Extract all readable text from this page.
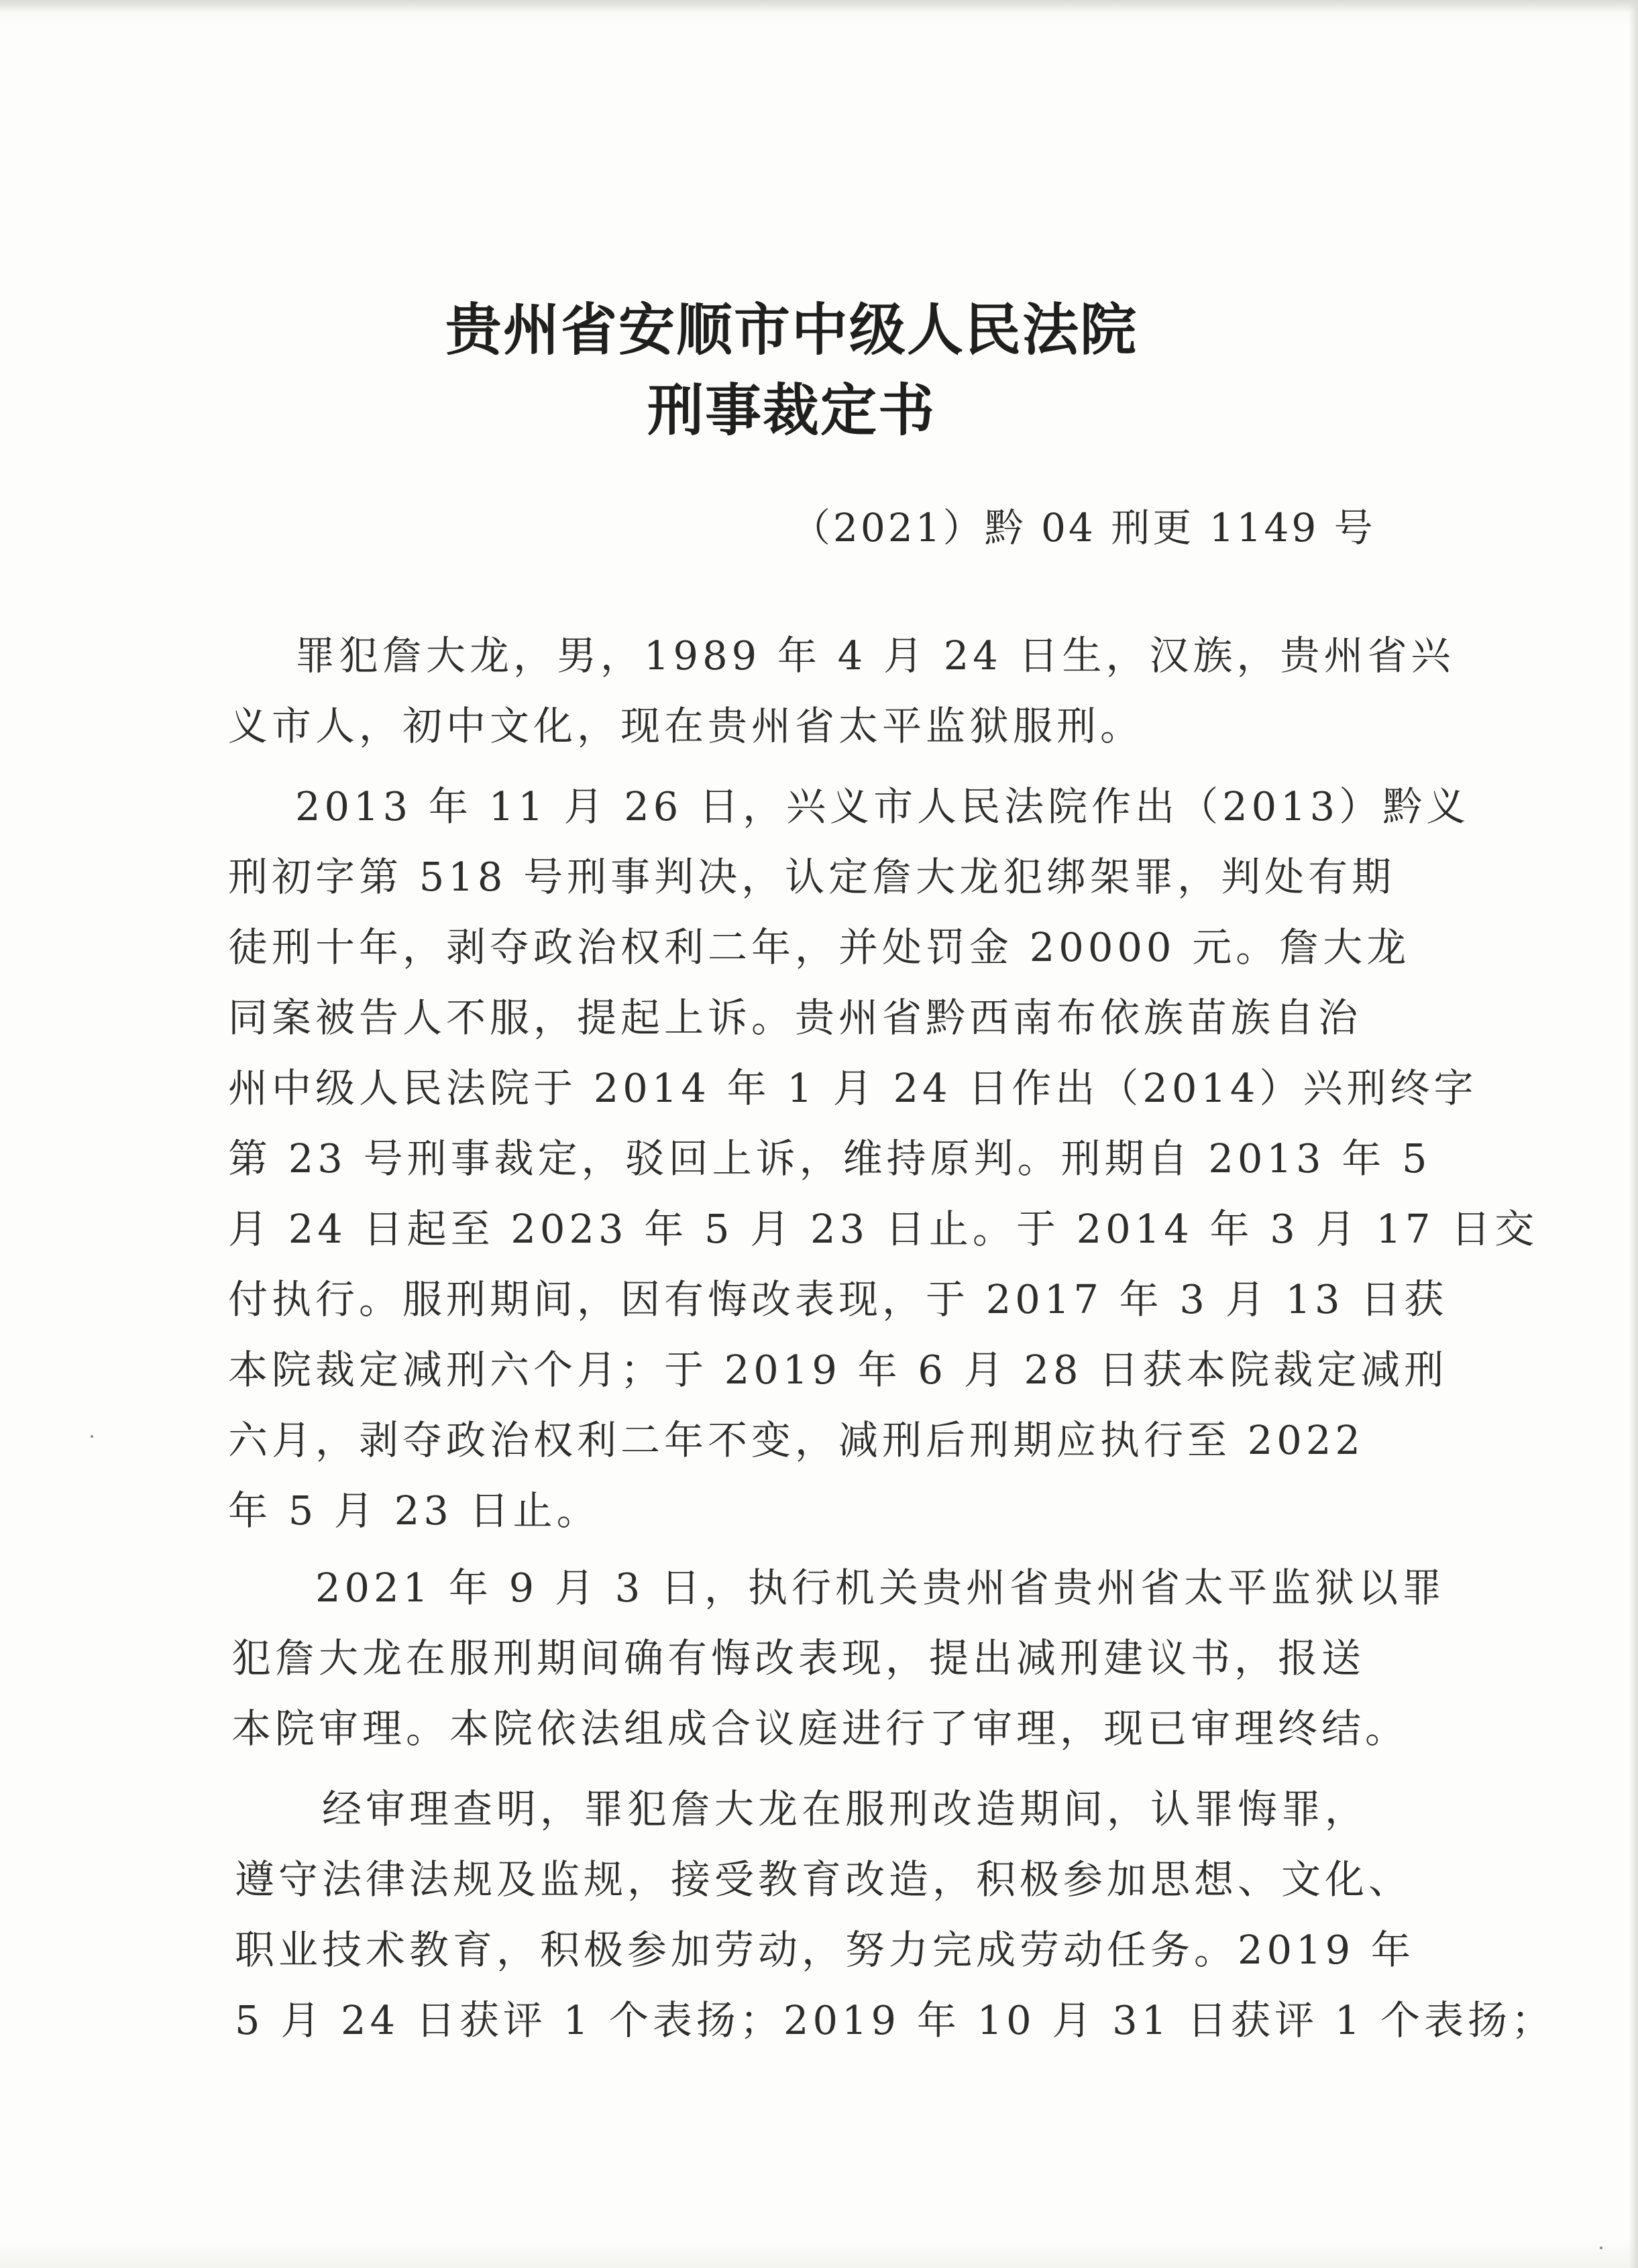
贵州省安顺市中级人民法院
刑事裁定书
（2021）黔 04 刑更 1149 号
罪犯詹大龙，男，1989 年 4 月 24 日生，汉族，贵州省兴
义市人，初中文化，现在贵州省太平监狱服刑。
2013 年 11 月 26 日，兴义市人民法院作出（2013）黔义
刑初字第 518 号刑事判决，认定詹大龙犯绑架罪，判处有期
徒刑十年，剥夺政治权利二年，并处罚金 20000 元。詹大龙
同案被告人不服，提起上诉。贵州省黔西南布依族苗族自治
州中级人民法院于 2014 年 1 月 24 日作出（2014）兴刑终字
第 23 号刑事裁定，驳回上诉，维持原判。刑期自 2013 年 5
月 24 日起至 2023 年 5 月 23 日止。于 2014 年 3 月 17 日交
付执行。服刑期间，因有悔改表现，于 2017 年 3 月 13 日获
本院裁定减刑六个月；于 2019 年 6 月 28 日获本院裁定减刑
六月，剥夺政治权利二年不变，减刑后刑期应执行至 2022
年 5 月 23 日止。
2021 年 9 月 3 日，执行机关贵州省贵州省太平监狱以罪
犯詹大龙在服刑期间确有悔改表现，提出减刑建议书，报送
本院审理。本院依法组成合议庭进行了审理，现已审理终结。
经审理查明，罪犯詹大龙在服刑改造期间，认罪悔罪，
遵守法律法规及监规，接受教育改造，积极参加思想、文化、
职业技术教育，积极参加劳动，努力完成劳动任务。2019 年
5 月 24 日获评 1 个表扬；2019 年 10 月 31 日获评 1 个表扬；
